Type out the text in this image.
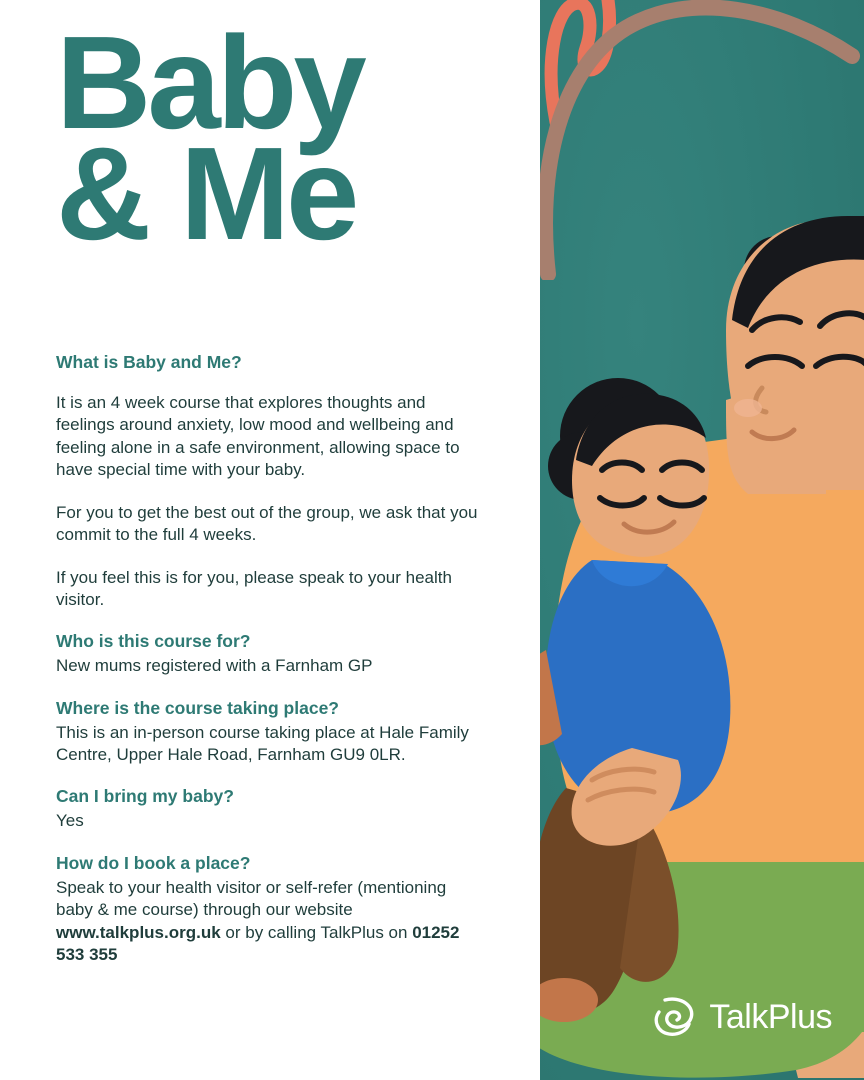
TalkPlus
Baby
& Me
What is Baby and Me?

It is an 4 week course that explores thoughts and feelings around anxiety, low mood and wellbeing and feeling alone in a safe environment, allowing space to have special time with your baby.

For you to get the best out of the group, we ask that you commit to the full 4 weeks.

If you feel this is for you, please speak to your health visitor.

Who is this course for?

New mums registered with a Farnham GP

Where is the course taking place?

This is an in-person course taking place at Hale Family Centre, Upper Hale Road, Farnham GU9 0LR.

Can I bring my baby?

Yes

How do I book a place?

Speak to your health visitor or self-refer (mentioning baby & me course) through our website www.talkplus.org.uk or by calling TalkPlus on 01252 533 355
